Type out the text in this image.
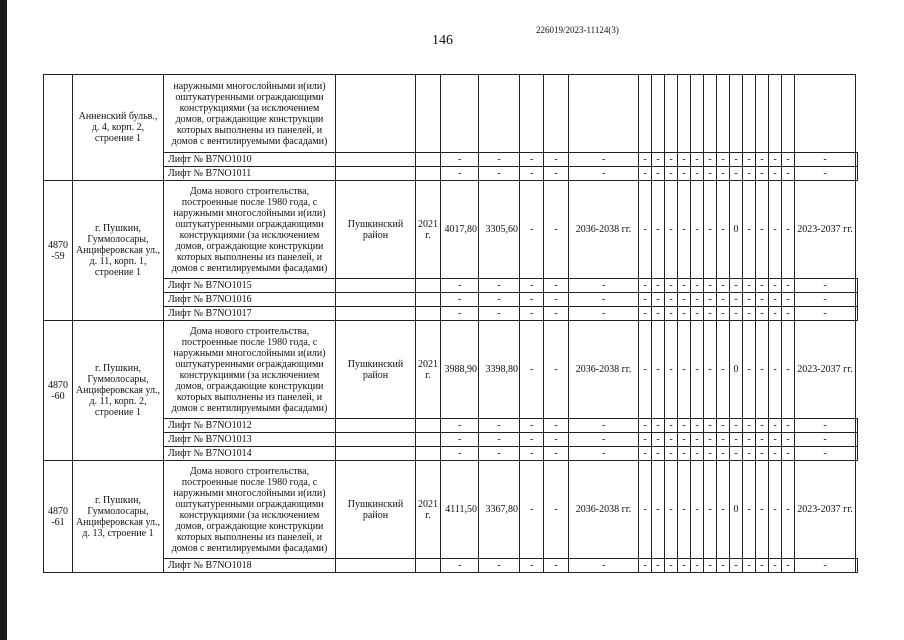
226019/2023-11124(3)
146
	Анненский бульв., д. 4, корп. 2, строение 1	наружными многослойными и(или) оштукатуренными ограждающими конструкциями (за исключением домов, ограждающие конструкции которых выполнены из панелей, и домов с вентилируемыми фасадами)																					
		Лифт № В7NO1010			-	-	-	-	-	-	-	-	-	-	-	-	-	-	-	-	-	-	
		Лифт № В7NO1011			-	-	-	-	-	-	-	-	-	-	-	-	-	-	-	-	-	-	
4870 -59	г. Пушкин, Гуммолосары, Анциферовская ул., д. 11, корп. 1, строение 1	Дома нового строительства, построенные после 1980 года, с наружными многослойными и(или) оштукатуренными ограждающими конструкциями (за исключением домов, ограждающие конструкции которых выполнены из панелей, и домов с вентилируемыми фасадами)	Пушкинский район	2021 г.	4017,80	3305,60	-	-	2036-2038 гг.	-	-	-	-	-	-	-	0	-	-	-	-	2023-2037 гг.	
		Лифт № В7NO1015			-	-	-	-	-	-	-	-	-	-	-	-	-	-	-	-	-	-	
		Лифт № В7NO1016			-	-	-	-	-	-	-	-	-	-	-	-	-	-	-	-	-	-	
		Лифт № В7NO1017			-	-	-	-	-	-	-	-	-	-	-	-	-	-	-	-	-	-	
4870 -60	г. Пушкин, Гуммолосары, Анциферовская ул., д. 11, корп. 2, строение 1	Дома нового строительства, построенные после 1980 года, с наружными многослойными и(или) оштукатуренными ограждающими конструкциями (за исключением домов, ограждающие конструкции которых выполнены из панелей, и домов с вентилируемыми фасадами)	Пушкинский район	2021 г.	3988,90	3398,80	-	-	2036-2038 гг.	-	-	-	-	-	-	-	0	-	-	-	-	2023-2037 гг.	
		Лифт № В7NO1012			-	-	-	-	-	-	-	-	-	-	-	-	-	-	-	-	-	-	
		Лифт № В7NO1013			-	-	-	-	-	-	-	-	-	-	-	-	-	-	-	-	-	-	
		Лифт № В7NO1014			-	-	-	-	-	-	-	-	-	-	-	-	-	-	-	-	-	-	
4870 -61	г. Пушкин, Гуммолосары, Анциферовская ул., д. 13, строение 1	Дома нового строительства, построенные после 1980 года, с наружными многослойными и(или) оштукатуренными ограждающими конструкциями (за исключением домов, ограждающие конструкции которых выполнены из панелей, и домов с вентилируемыми фасадами)	Пушкинский район	2021 г.	4111,50	3367,80	-	-	2036-2038 гг.	-	-	-	-	-	-	-	0	-	-	-	-	2023-2037 гг.	
		Лифт № В7NO1018			-	-	-	-	-	-	-	-	-	-	-	-	-	-	-	-	-	-	
